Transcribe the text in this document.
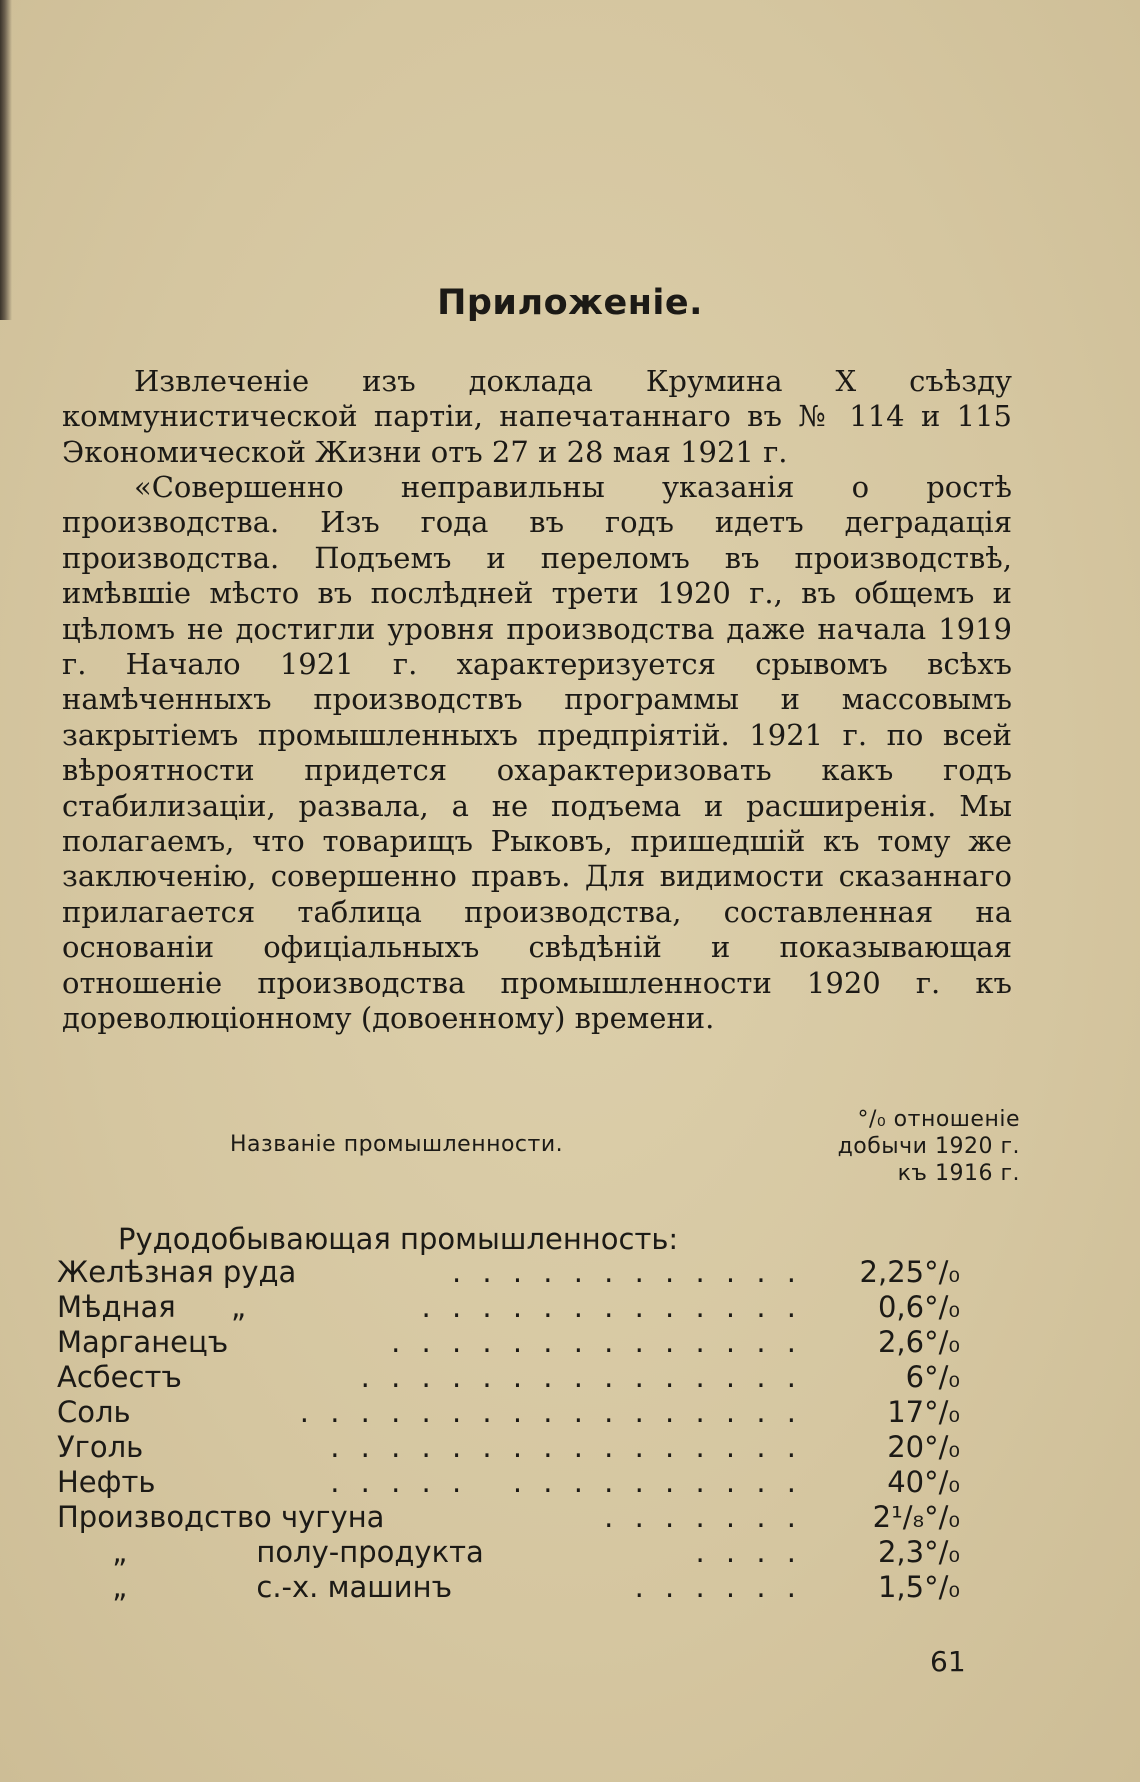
Приложеніе.
Извлеченіе изъ доклада Крумина X съѣзду коммунистической партіи, напечатаннаго въ № 114 и 115 Экономической Жизни отъ 27 и 28 мая 1921 г.
«Совершенно неправильны указанія о ростѣ производства. Изъ года въ годъ идетъ деградація производства. Подъемъ и переломъ въ производствѣ, имѣвшіе мѣсто въ послѣдней трети 1920 г., въ общемъ и цѣломъ не достигли уровня производства даже начала 1919 г. Начало 1921 г. характеризуется срывомъ всѣхъ намѣченныхъ производствъ программы и массовымъ закрытіемъ промышленныхъ предпріятій. 1921 г. по всей вѣроятности придется охарактеризовать какъ годъ стабилизаціи, развала, а не подъема и расширенія. Мы полагаемъ, что товарищъ Рыковъ, пришедшій къ тому же заключенію, совершенно правъ. Для видимости сказаннаго прилагается таблица производства, составленная на основаніи офиціальныхъ свѣдѣній и показывающая отношеніе производства промышленности 1920 г. къ дореволюціонному (довоенному) времени.
Названіе промышленности.
°/₀ отношеніе
добычи 1920 г.
къ 1916 г.
Рудодобывающая промышленность:
Желѣзная руда	. . . . . . . . . . . .	2,25°/₀
Мѣдная      „	. . . . . . . . . . . . .	0,6°/₀
Марганецъ	. . . . . . . . . . . . . .	2,6°/₀
Асбестъ	. . . . . . . . . . . . . . .	6°/₀
Соль	. . . . . . . . . . . . . . . . .	17°/₀
Уголь	. . . . . . . . . . . . . . . .	20°/₀
Нефть	. . . . .   . . . . . . . . . .	40°/₀
Производство чугуна	. . . . . . .	2¹/₈°/₀
„              полу-продукта	. . . .	2,3°/₀
„              с.-х. машинъ	. . . . . .	1,5°/₀
61
